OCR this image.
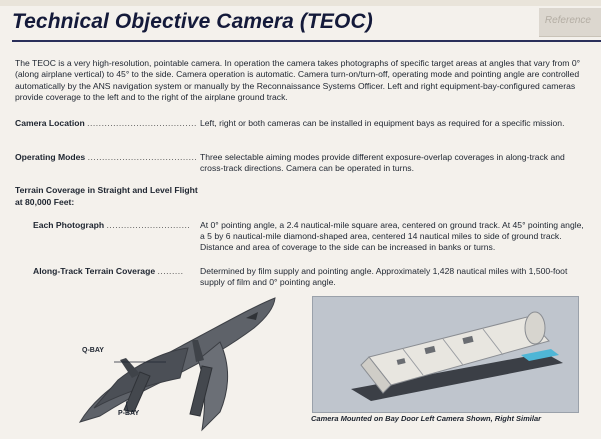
Technical Objective Camera (TEOC)	Reference
The TEOC is a very high-resolution, pointable camera. In operation the camera takes photographs of specific target areas at angles that vary from 0° (along airplane vertical) to 45° to the side. Camera operation is automatic. Camera turn-on/turn-off, operating mode and pointing angle are controlled automatically by the ANS navigation system or manually by the Reconnaissance Systems Officer. Left and right equipment-bay-configured cameras provide coverage to the left and to the right of the airplane ground track.
Camera Location ...................................... Left, right or both cameras can be installed in equipment bays as required for a specific mission.
Operating Modes ...................................... Three selectable aiming modes provide different exposure-overlap coverages in along-track and cross-track directions. Camera can be operated in turns.
Terrain Coverage in Straight and Level Flight at 80,000 Feet:
Each Photograph ............................. At 0° pointing angle, a 2.4 nautical-mile square area, centered on ground track. At 45° pointing angle, a 5 by 6 nautical-mile diamond-shaped area, centered 14 nautical miles to side of ground track. Distance and area of coverage to the side can be increased in banks or turns.
Along-Track Terrain Coverage ......... Determined by film supply and pointing angle. Approximately 1,428 nautical miles with 1,500-foot supply of film and 0° pointing angle.
Q-BAY
P-BAY
Camera Mounted on Bay Door Left Camera Shown, Right Similar
